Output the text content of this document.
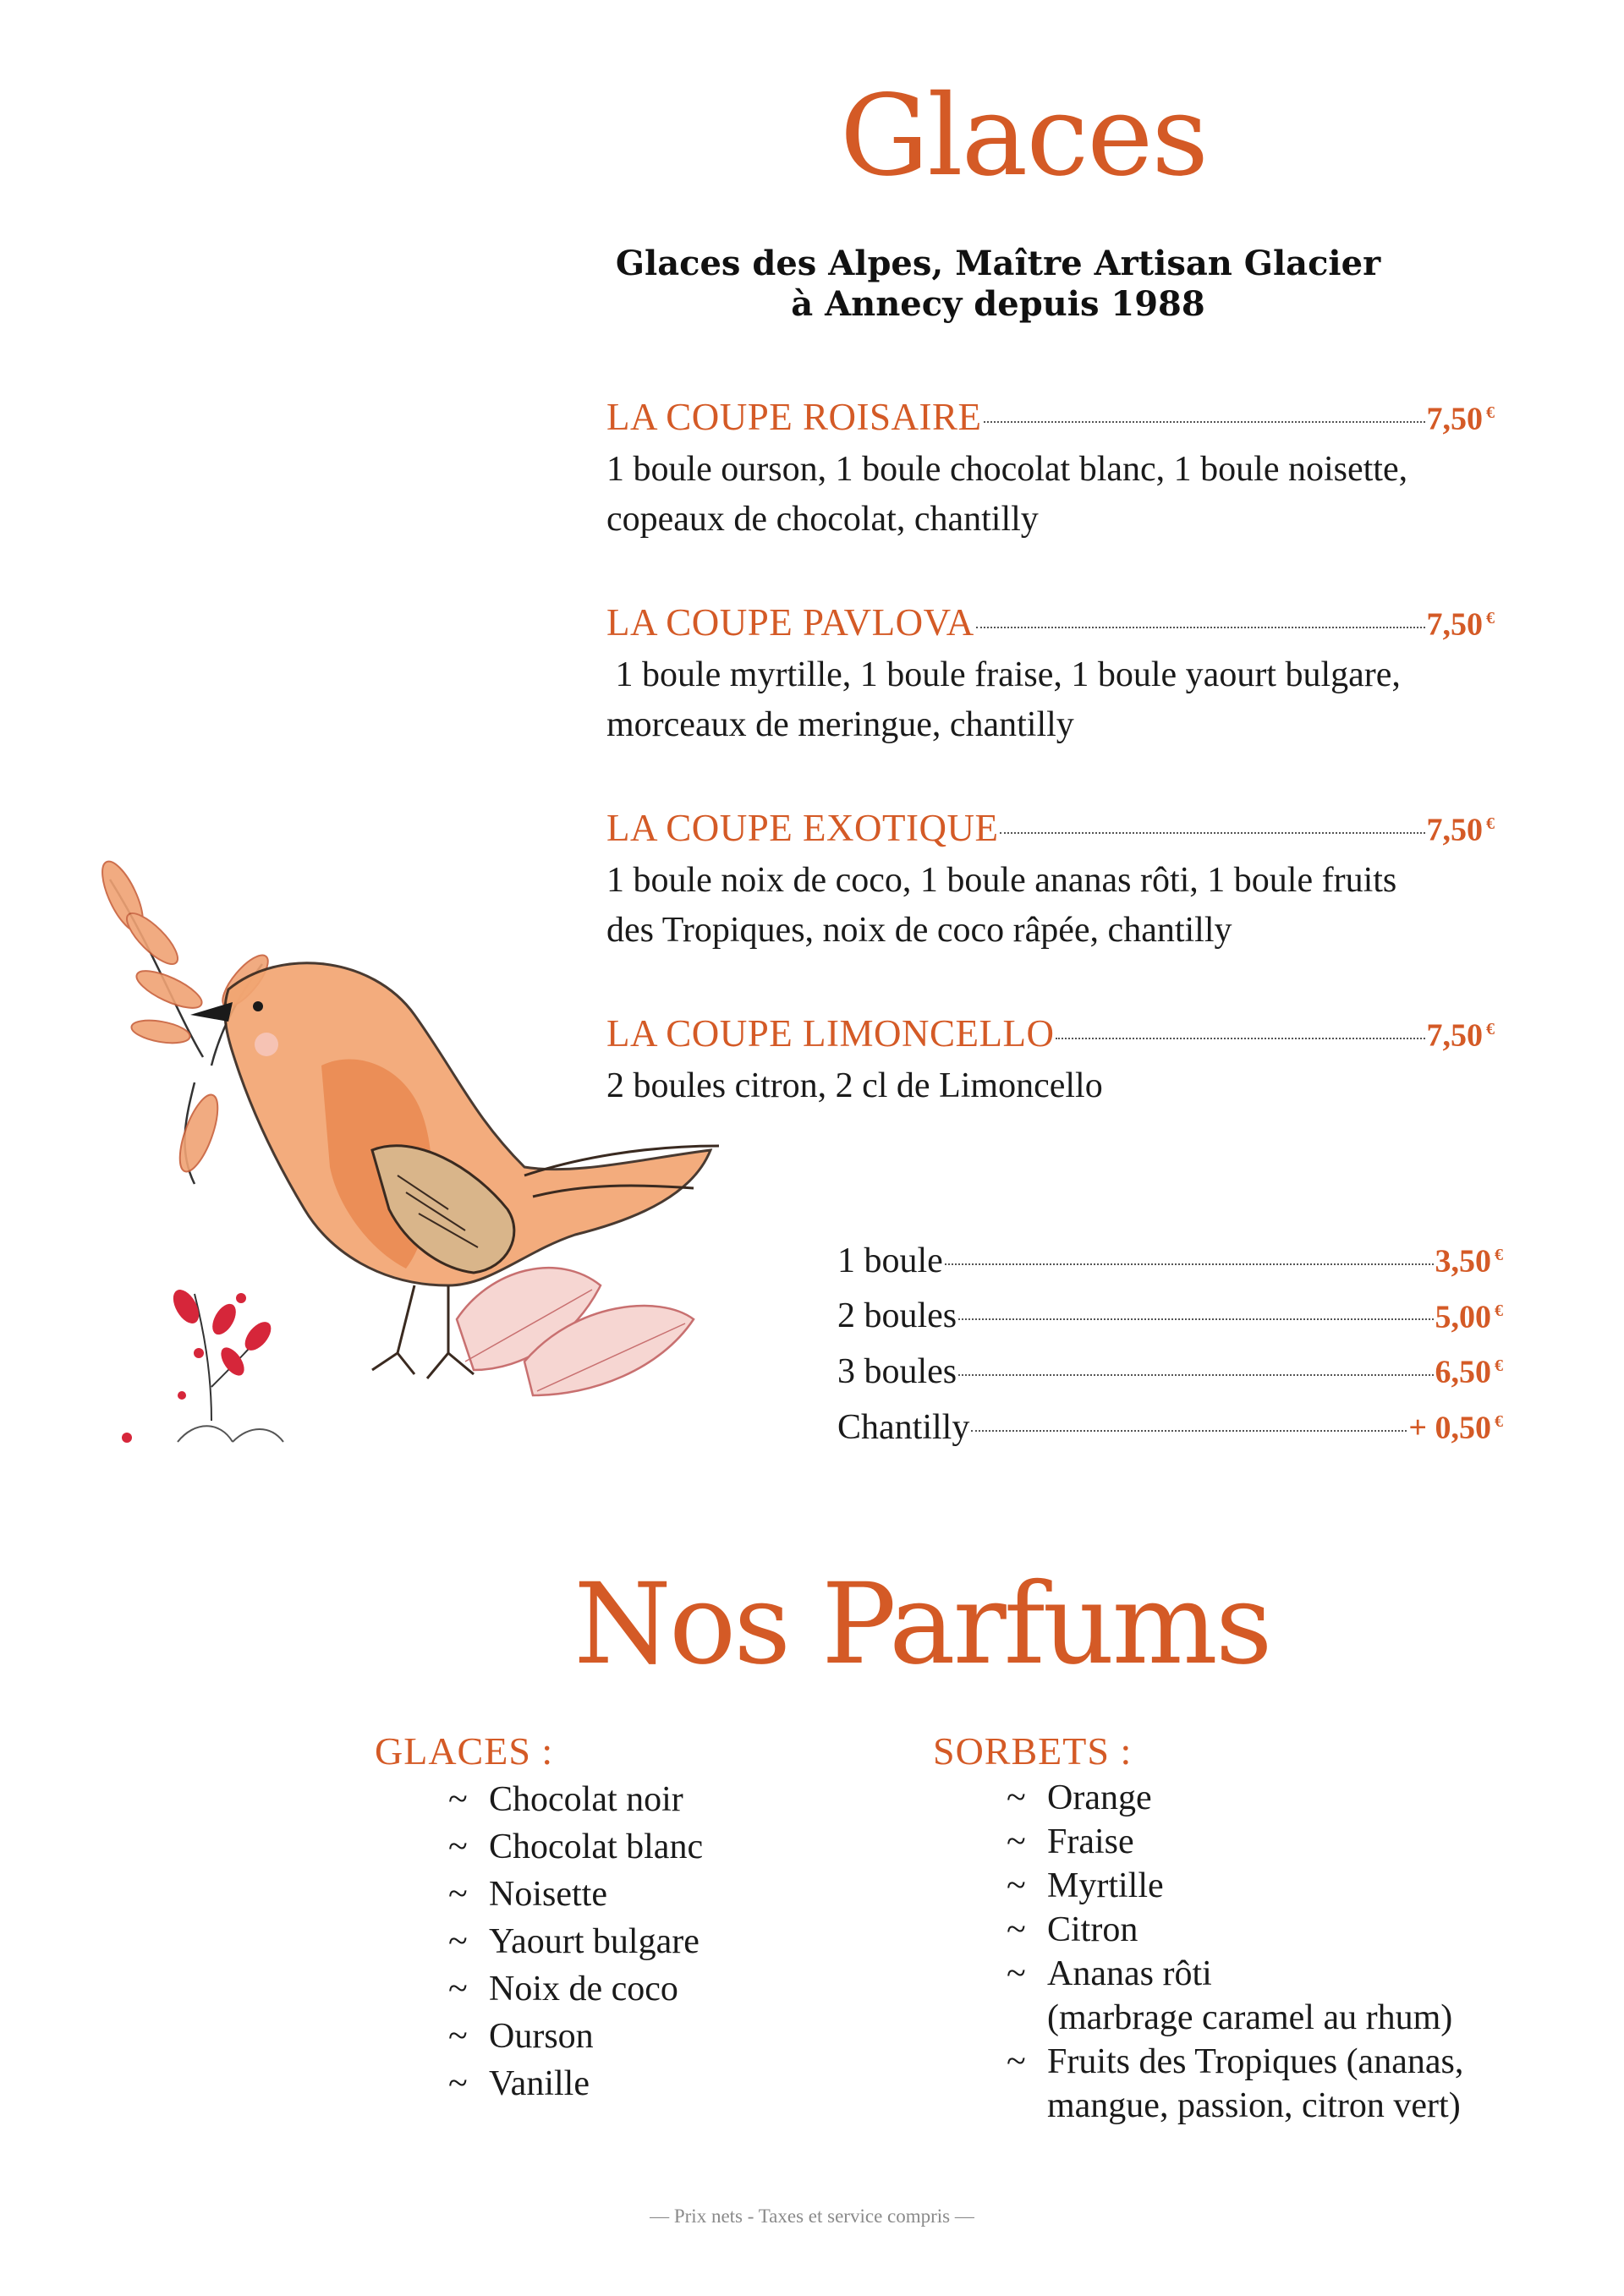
Glaces
Glaces des Alpes, Maître Artisan Glacier
à Annecy depuis 1988
LA COUPE ROISAIRE	7,50 €
1 boule ourson, 1 boule chocolat blanc, 1 boule noisette,
copeaux de chocolat, chantilly
LA COUPE PAVLOVA	7,50 €
1 boule myrtille, 1 boule fraise, 1 boule yaourt bulgare,
morceaux de meringue, chantilly
LA COUPE EXOTIQUE	7,50 €
1 boule noix de coco, 1 boule ananas rôti, 1 boule fruits
des Tropiques, noix de coco râpée, chantilly
LA COUPE LIMONCELLO	7,50 €
2 boules citron, 2 cl de Limoncello
1 boule	3,50 €
2 boules	5,00 €
3 boules	6,50 €
Chantilly	+ 0,50 €
Nos Parfums
GLACES :
~ Chocolat noir
~ Chocolat blanc
~ Noisette
~ Yaourt bulgare
~ Noix de coco
~ Ourson
~ Vanille
SORBETS :
~ Orange
~ Fraise
~ Myrtille
~ Citron
~ Ananas rôti
(marbrage caramel au rhum)
~ Fruits des Tropiques (ananas,
mangue, passion, citron vert)
— Prix nets - Taxes et service compris —
